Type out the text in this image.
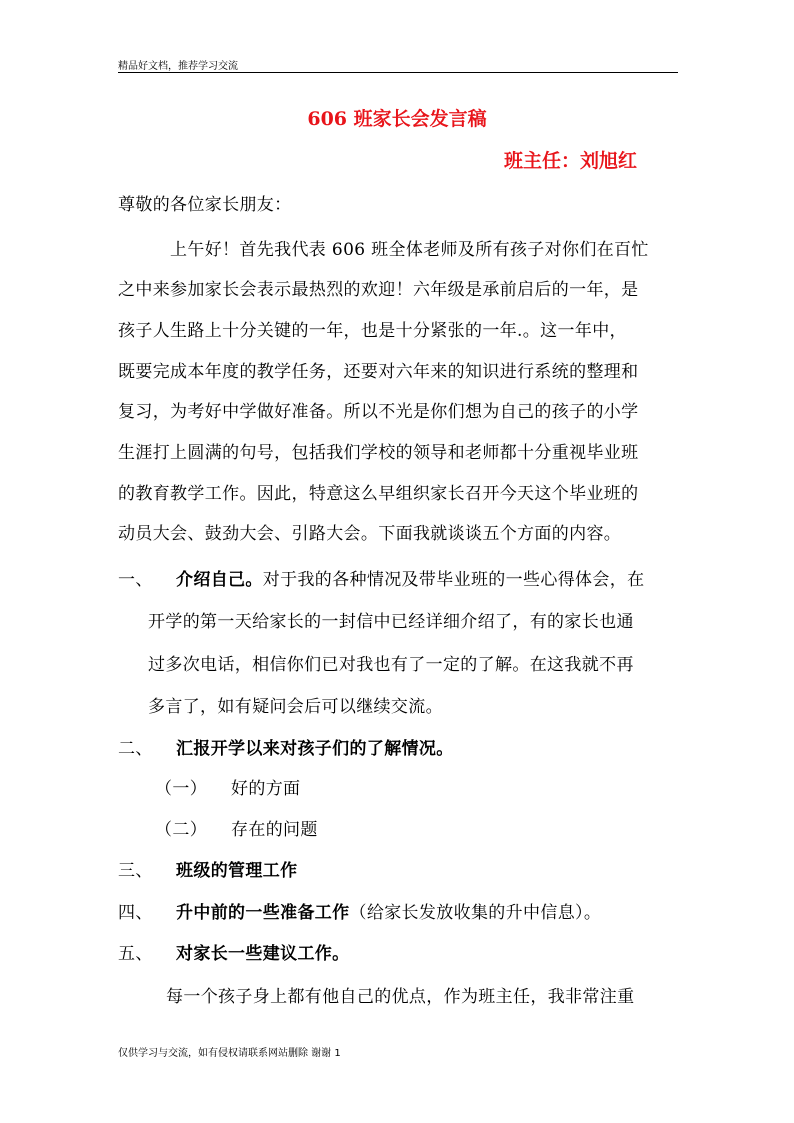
精品好文档，推荐学习交流
606 班家长会发言稿
班主任：刘旭红
尊敬的各位家长朋友：
上午好！首先我代表 606 班全体老师及所有孩子对你们在百忙
之中来参加家长会表示最热烈的欢迎！六年级是承前启后的一年，是
孩子人生路上十分关键的一年，也是十分紧张的一年.。这一年中，
既要完成本年度的教学任务，还要对六年来的知识进行系统的整理和
复习，为考好中学做好准备。所以不光是你们想为自己的孩子的小学
生涯打上圆满的句号，包括我们学校的领导和老师都十分重视毕业班
的教育教学工作。因此，特意这么早组织家长召开今天这个毕业班的
动员大会、鼓劲大会、引路大会。下面我就谈谈五个方面的内容。
一、 介绍自己。对于我的各种情况及带毕业班的一些心得体会，在
开学的第一天给家长的一封信中已经详细介绍了，有的家长也通
过多次电话，相信你们已对我也有了一定的了解。在这我就不再
多言了，如有疑问会后可以继续交流。
二、 汇报开学以来对孩子们的了解情况。
（一） 好的方面
（二） 存在的问题
三、 班级的管理工作
四、 升中前的一些准备工作（给家长发放收集的升中信息）。
五、 对家长一些建议工作。
每一个孩子身上都有他自己的优点，作为班主任，我非常注重
仅供学习与交流，如有侵权请联系网站删除 谢谢 1
